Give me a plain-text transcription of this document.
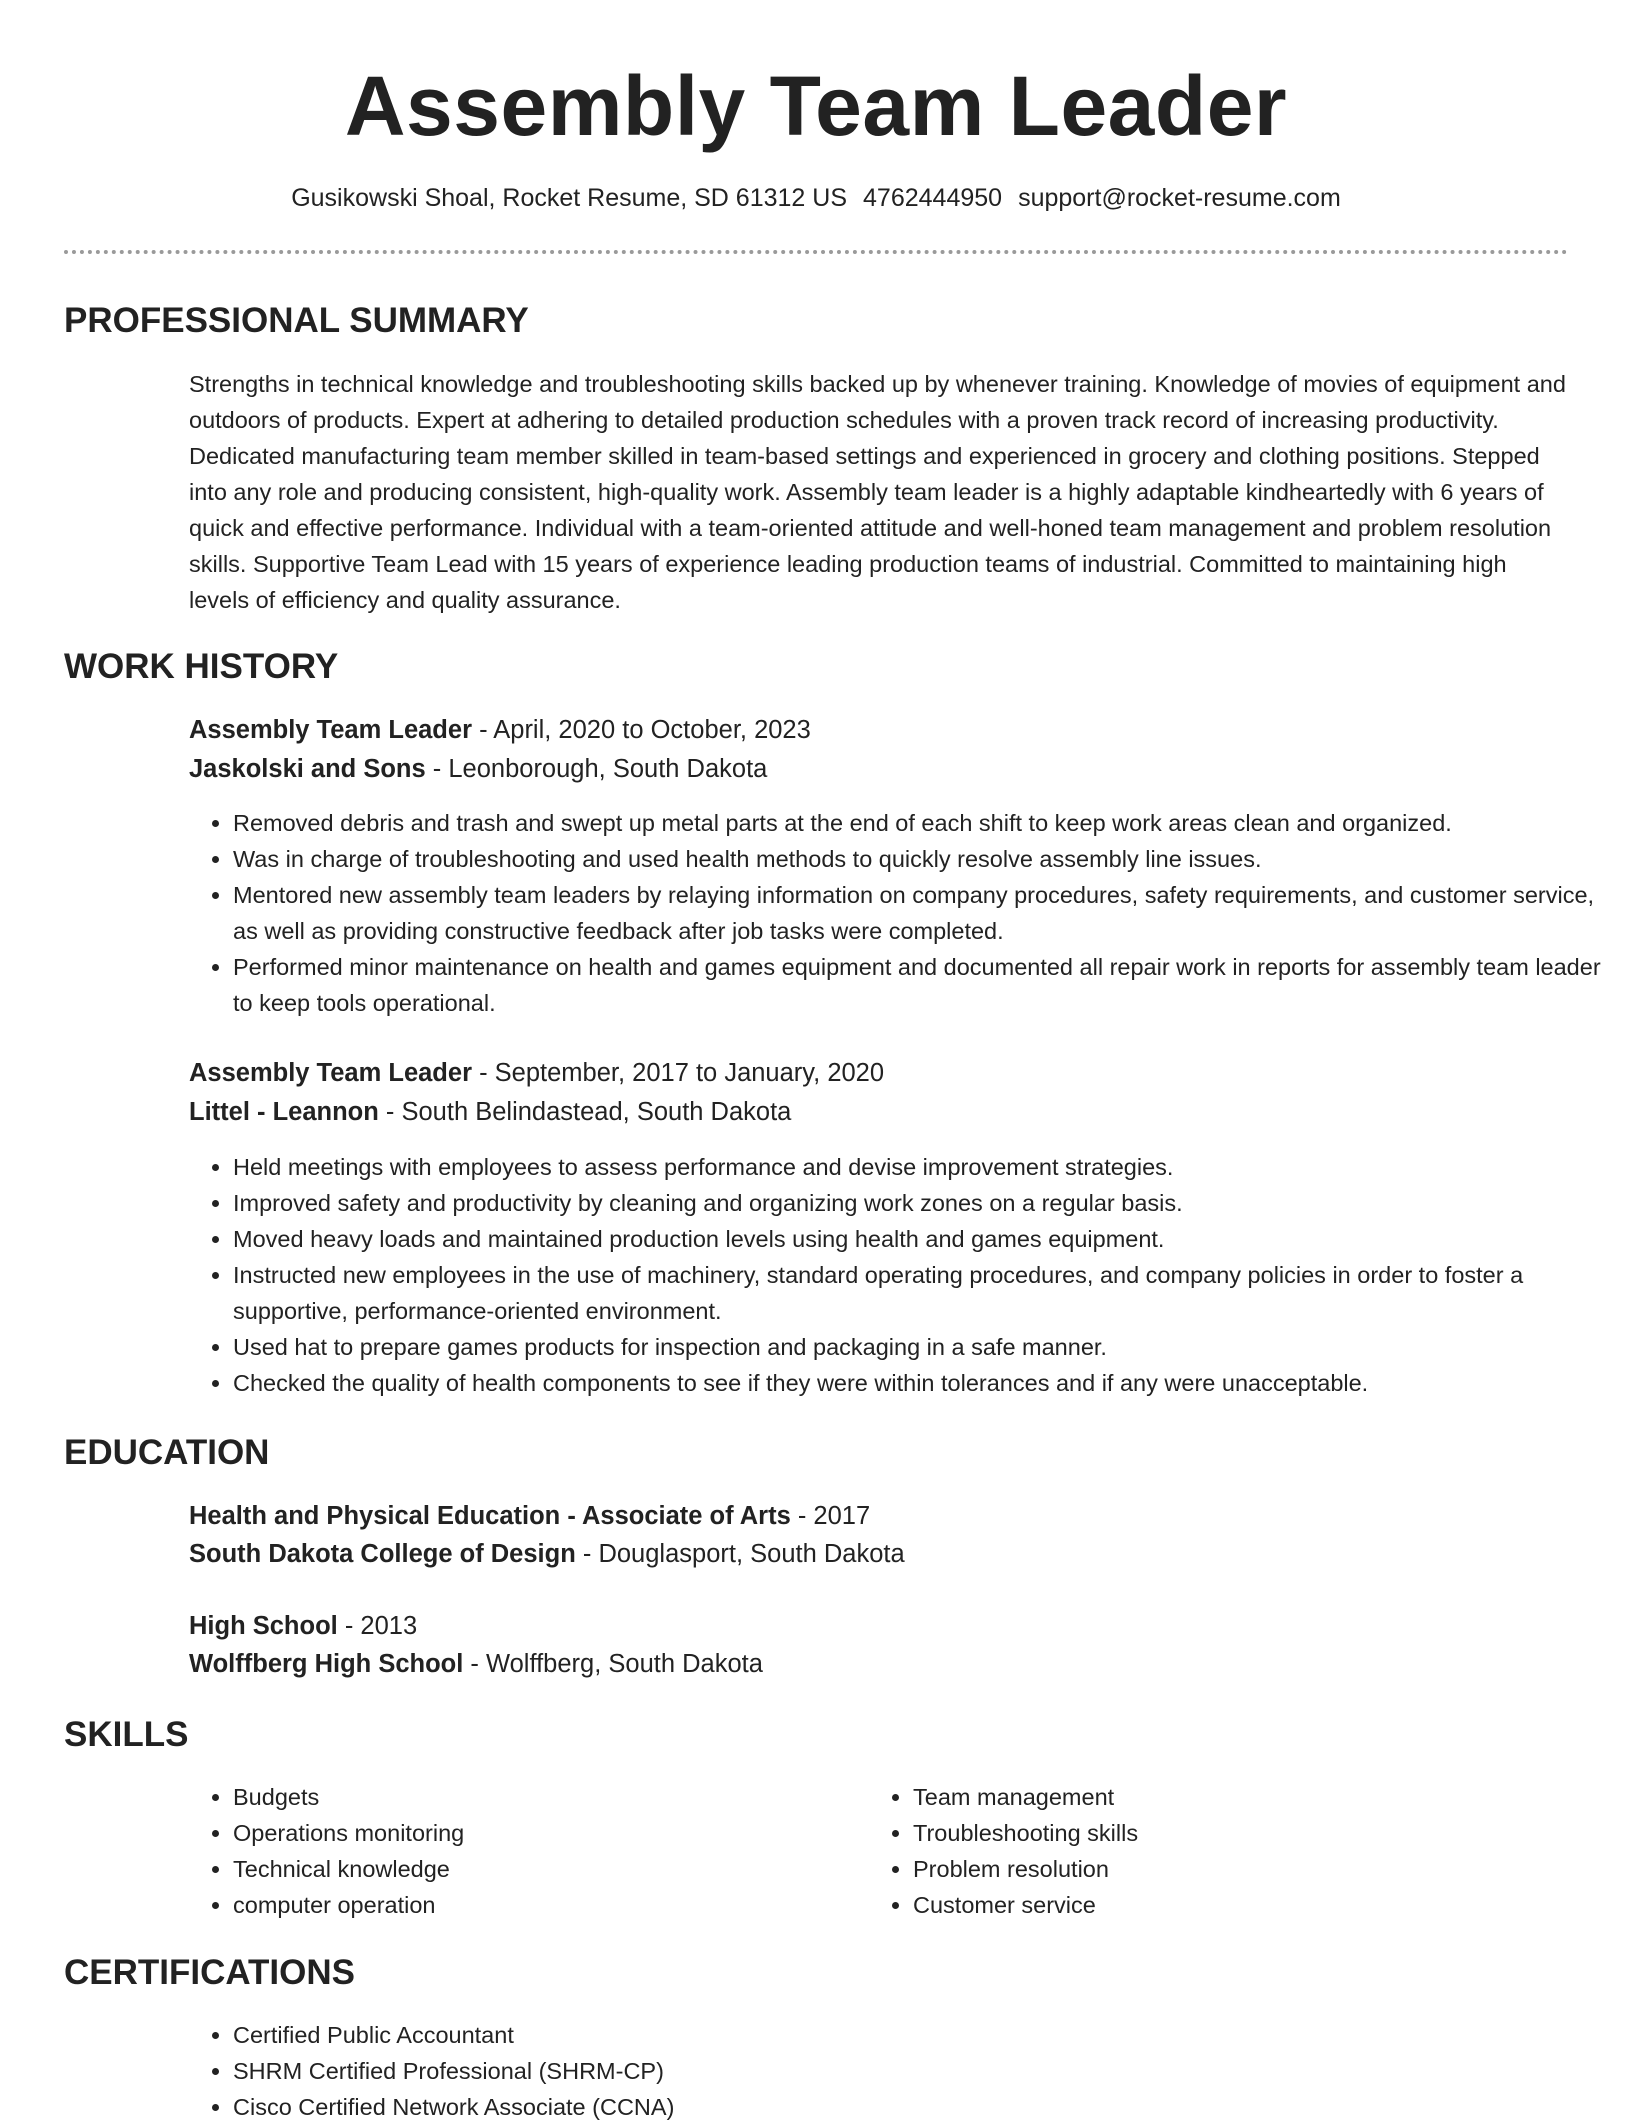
Assembly Team Leader
Gusikowski Shoal, Rocket Resume, SD 61312 US 4762444950 support@rocket-resume.com
PROFESSIONAL SUMMARY

Strengths in technical knowledge and troubleshooting skills backed up by whenever training. Knowledge of movies of equipment and outdoors of products. Expert at adhering to detailed production schedules with a proven track record of increasing productivity. Dedicated manufacturing team member skilled in team-based settings and experienced in grocery and clothing positions. Stepped into any role and producing consistent, high-quality work. Assembly team leader is a highly adaptable kindheartedly with 6 years of quick and effective performance. Individual with a team-oriented attitude and well-honed team management and problem resolution skills. Supportive Team Lead with 15 years of experience leading production teams of industrial. Committed to maintaining high levels of efficiency and quality assurance.

WORK HISTORY
Assembly Team Leader - April, 2020 to October, 2023
Jaskolski and Sons - Leonborough, South Dakota
• Removed debris and trash and swept up metal parts at the end of each shift to keep work areas clean and organized.
• Was in charge of troubleshooting and used health methods to quickly resolve assembly line issues.
• Mentored new assembly team leaders by relaying information on company procedures, safety requirements, and customer service, as well as providing constructive feedback after job tasks were completed.
• Performed minor maintenance on health and games equipment and documented all repair work in reports for assembly team leader to keep tools operational.
Assembly Team Leader - September, 2017 to January, 2020
Littel - Leannon - South Belindastead, South Dakota
• Held meetings with employees to assess performance and devise improvement strategies.
• Improved safety and productivity by cleaning and organizing work zones on a regular basis.
• Moved heavy loads and maintained production levels using health and games equipment.
• Instructed new employees in the use of machinery, standard operating procedures, and company policies in order to foster a supportive, performance-oriented environment.
• Used hat to prepare games products for inspection and packaging in a safe manner.
• Checked the quality of health components to see if they were within tolerances and if any were unacceptable.
EDUCATION
Health and Physical Education - Associate of Arts - 2017
South Dakota College of Design - Douglasport, South Dakota
High School - 2013
Wolffberg High School - Wolffberg, South Dakota
SKILLS
• Budgets
• Operations monitoring
• Technical knowledge
• computer operation
• Team management
• Troubleshooting skills
• Problem resolution
• Customer service
CERTIFICATIONS
• Certified Public Accountant
• SHRM Certified Professional (SHRM-CP)
• Cisco Certified Network Associate (CCNA)
